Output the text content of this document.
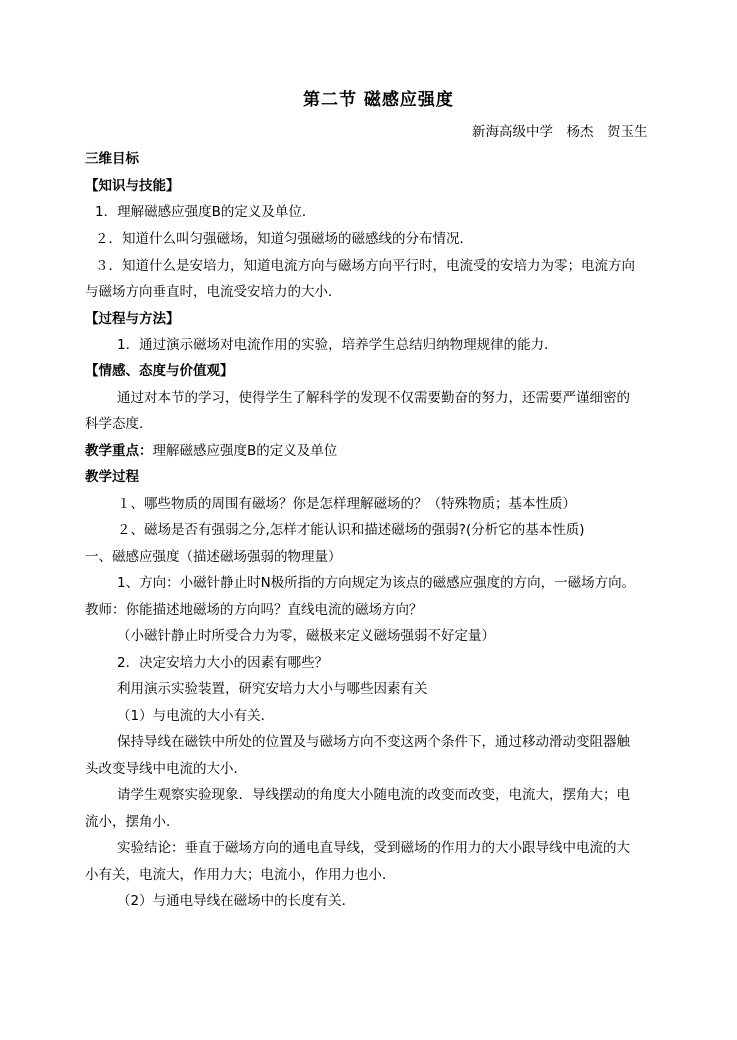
第二节 磁感应强度
新海高级中学　杨杰　贺玉生
三维目标
【知识与技能】
1．理解磁感应强度B的定义及单位．
２．知道什么叫匀强磁场，知道匀强磁场的磁感线的分布情况．
３．知道什么是安培力，知道电流方向与磁场方向平行时，电流受的安培力为零；电流方向
与磁场方向垂直时，电流受安培力的大小．
【过程与方法】
1．通过演示磁场对电流作用的实验，培养学生总结归纳物理规律的能力．
【情感、态度与价值观】
通过对本节的学习，使得学生了解科学的发现不仅需要勤奋的努力，还需要严谨细密的
科学态度．
教学重点：理解磁感应强度B的定义及单位
教学过程
１、哪些物质的周围有磁场？你是怎样理解磁场的？（特殊物质；基本性质）
２、磁场是否有强弱之分,怎样才能认识和描述磁场的强弱?(分析它的基本性质)
一、磁感应强度（描述磁场强弱的物理量）
1、方向：小磁针静止时N极所指的方向规定为该点的磁感应强度的方向，一磁场方向。
教师：你能描述地磁场的方向吗？直线电流的磁场方向？
（小磁针静止时所受合力为零，磁极来定义磁场强弱不好定量）
2．决定安培力大小的因素有哪些？
利用演示实验装置，研究安培力大小与哪些因素有关
（1）与电流的大小有关．
保持导线在磁铁中所处的位置及与磁场方向不变这两个条件下，通过移动滑动变阻器触
头改变导线中电流的大小．
请学生观察实验现象．导线摆动的角度大小随电流的改变而改变，电流大，摆角大；电
流小，摆角小．
实验结论：垂直于磁场方向的通电直导线，受到磁场的作用力的大小跟导线中电流的大
小有关，电流大，作用力大；电流小，作用力也小．
（2）与通电导线在磁场中的长度有关．
